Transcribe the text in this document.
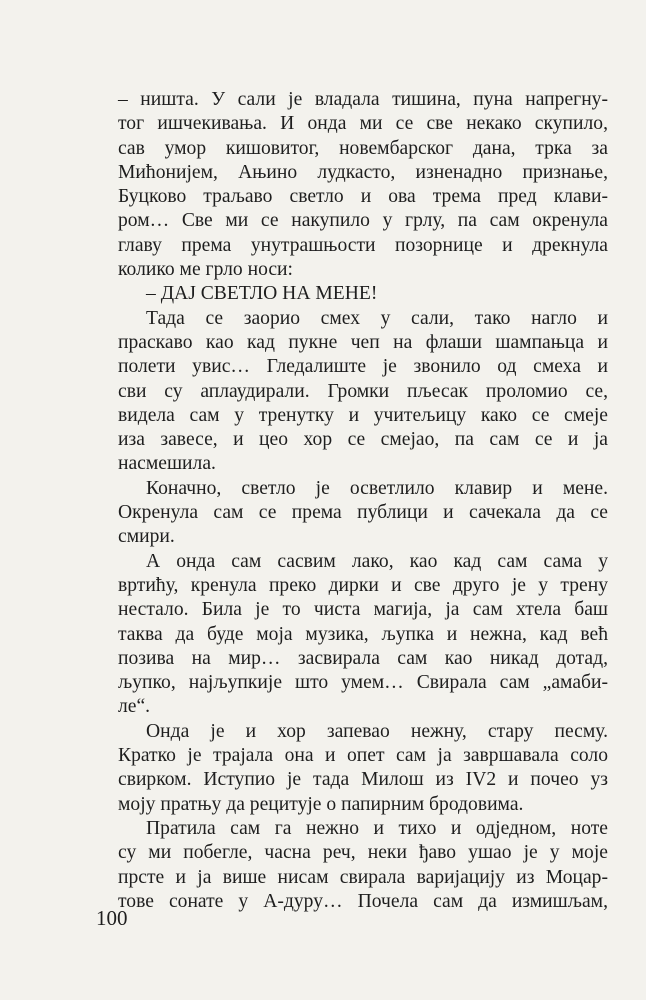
– ништа. У сали је владала тишина, пуна напрегну-
тог ишчекивања. И онда ми се све некако скупило,
сав умор кишовитог, новембарског дана, трка за
Мићонијем, Ањино лудкасто, изненадно признање,
Буцково траљаво светло и ова трема пред клави-
ром… Све ми се накупило у грлу, па сам окренула
главу према унутрашњости позорнице и дрекнула
колико ме грло носи:
– ДАЈ СВЕТЛО НА МЕНЕ!
Тада се заорио смех у сали, тако нагло и
праскаво као кад пукне чеп на флаши шампањца и
полети увис… Гледалиште је звонило од смеха и
сви су аплаудирали. Громки пљесак проломио се,
видела сам у тренутку и учитељицу како се смеје
иза завесе, и цео хор се смејао, па сам се и ја
насмешила.
Коначно, светло је осветлило клавир и мене.
Окренула сам се према публици и сачекала да се
смири.
А онда сам сасвим лако, као кад сам сама у
вртићу, кренула преко дирки и све друго је у трену
нестало. Била је то чиста магија, ја сам хтела баш
таква да буде моја музика, љупка и нежна, кад већ
позива на мир… засвирала сам као никад дотад,
љупко, најљупкије што умем… Свирала сам „амаби-
ле“.
Онда је и хор запевао нежну, стару песму.
Кратко је трајала она и опет сам ја завршавала соло
свирком. Иступио је тада Милош из IV2 и почео уз
моју пратњу да рецитује о папирним бродовима.
Пратила сам га нежно и тихо и одједном, ноте
су ми побегле, часна реч, неки ђаво ушао је у моје
прсте и ја више нисам свирала варијацију из Моцар-
тове сонате у А-дуру… Почела сам да измишљам,
100
